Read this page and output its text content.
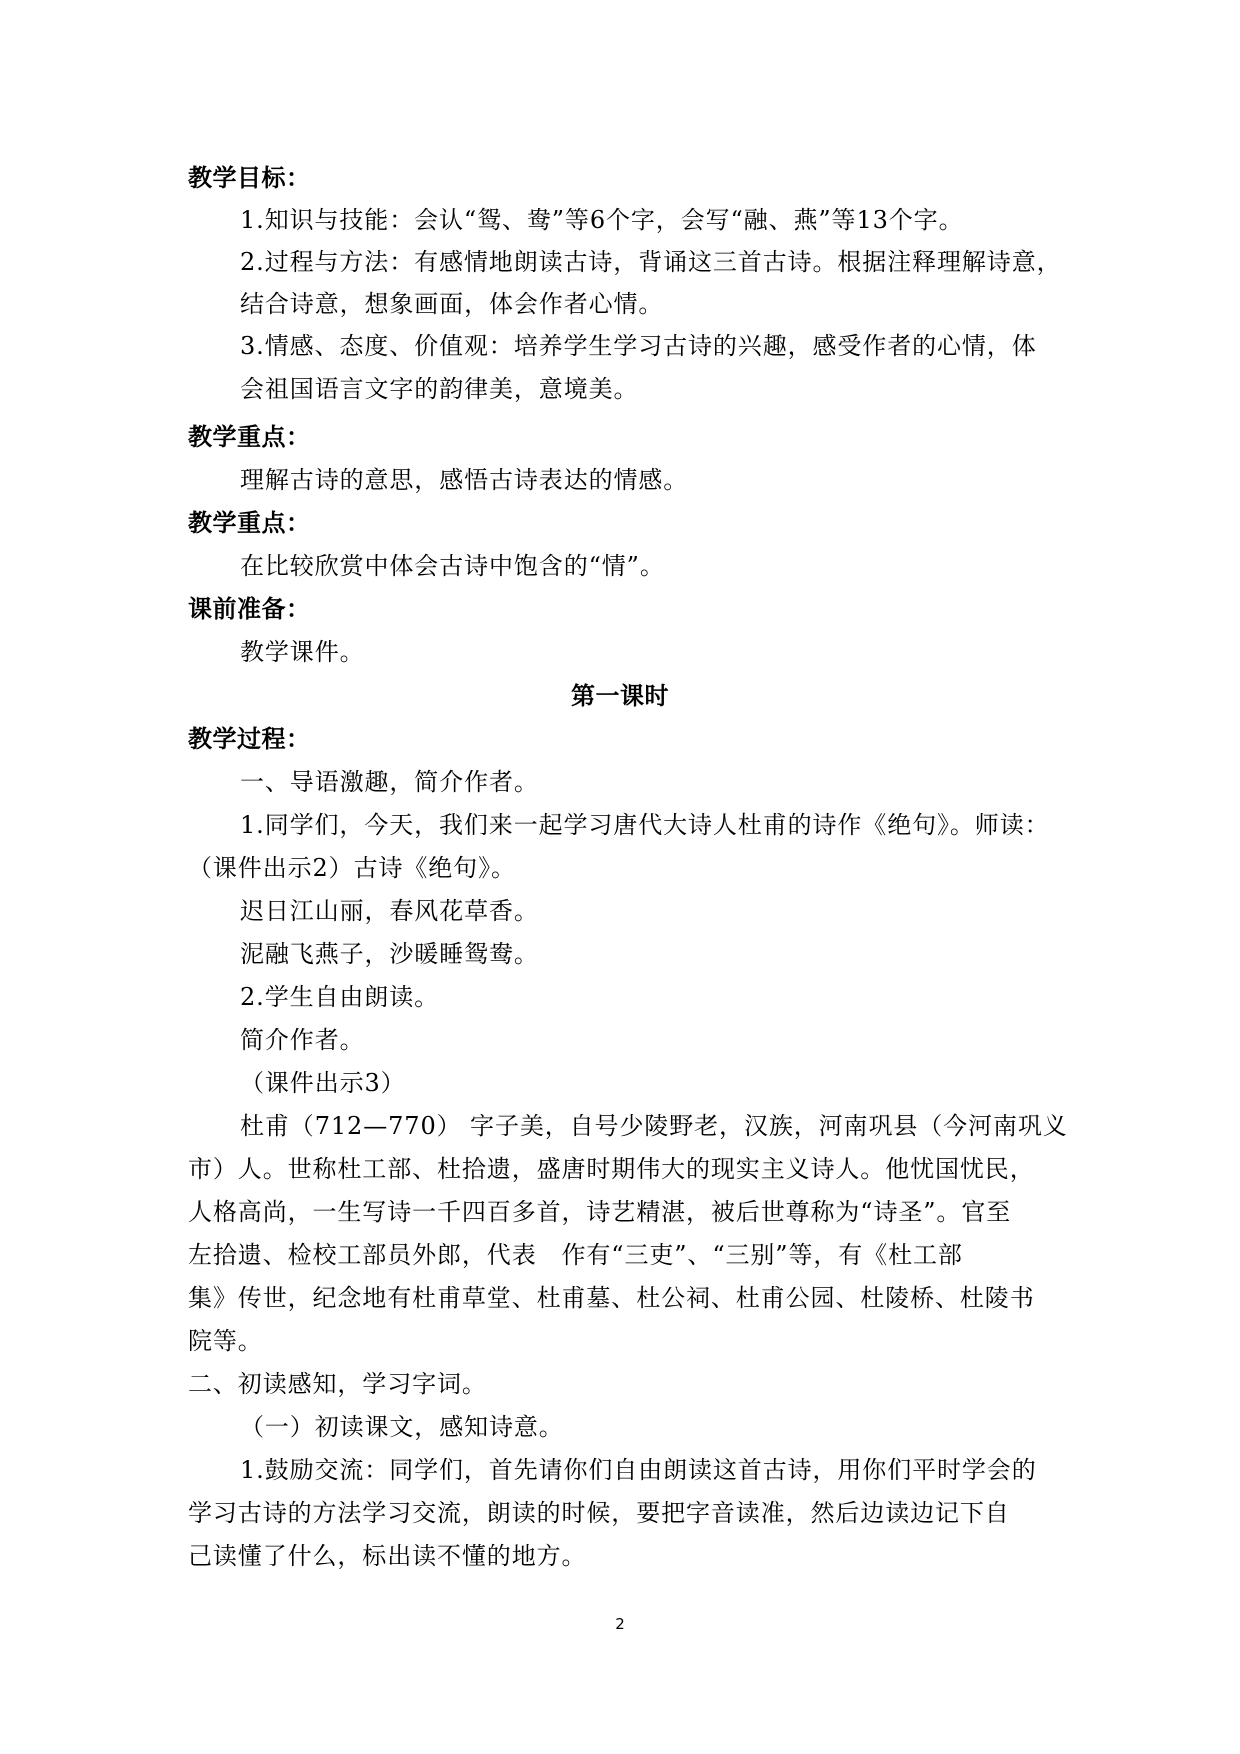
教学目标：
1.知识与技能：会认“鸳、鸯”等6个字，会写“融、燕”等13个字。
2.过程与方法：有感情地朗读古诗，背诵这三首古诗。根据注释理解诗意，
结合诗意，想象画面，体会作者心情。
3.情感、态度、价值观：培养学生学习古诗的兴趣，感受作者的心情，体
会祖国语言文字的韵律美，意境美。
教学重点：
理解古诗的意思，感悟古诗表达的情感。
教学重点：
在比较欣赏中体会古诗中饱含的“情”。
课前准备：
教学课件。
第一课时
教学过程：
一、导语激趣，简介作者。
1.同学们，今天，我们来一起学习唐代大诗人杜甫的诗作《绝句》。师读：
（课件出示2）古诗《绝句》。
迟日江山丽，春风花草香。
泥融飞燕子，沙暖睡鸳鸯。
2.学生自由朗读。
简介作者。
（课件出示3）
杜甫（712—770） 字子美，自号少陵野老，汉族，河南巩县（今河南巩义
市）人。世称杜工部、杜拾遗，盛唐时期伟大的现实主义诗人。他忧国忧民，
人格高尚，一生写诗一千四百多首，诗艺精湛，被后世尊称为“诗圣”。官至
左拾遗、检校工部员外郎，代表　作有“三吏”、“三别”等，有《杜工部
集》传世，纪念地有杜甫草堂、杜甫墓、杜公祠、杜甫公园、杜陵桥、杜陵书
院等。
二、初读感知，学习字词。
（一）初读课文，感知诗意。
1.鼓励交流：同学们，首先请你们自由朗读这首古诗，用你们平时学会的
学习古诗的方法学习交流，朗读的时候，要把字音读准，然后边读边记下自
己读懂了什么，标出读不懂的地方。
2
